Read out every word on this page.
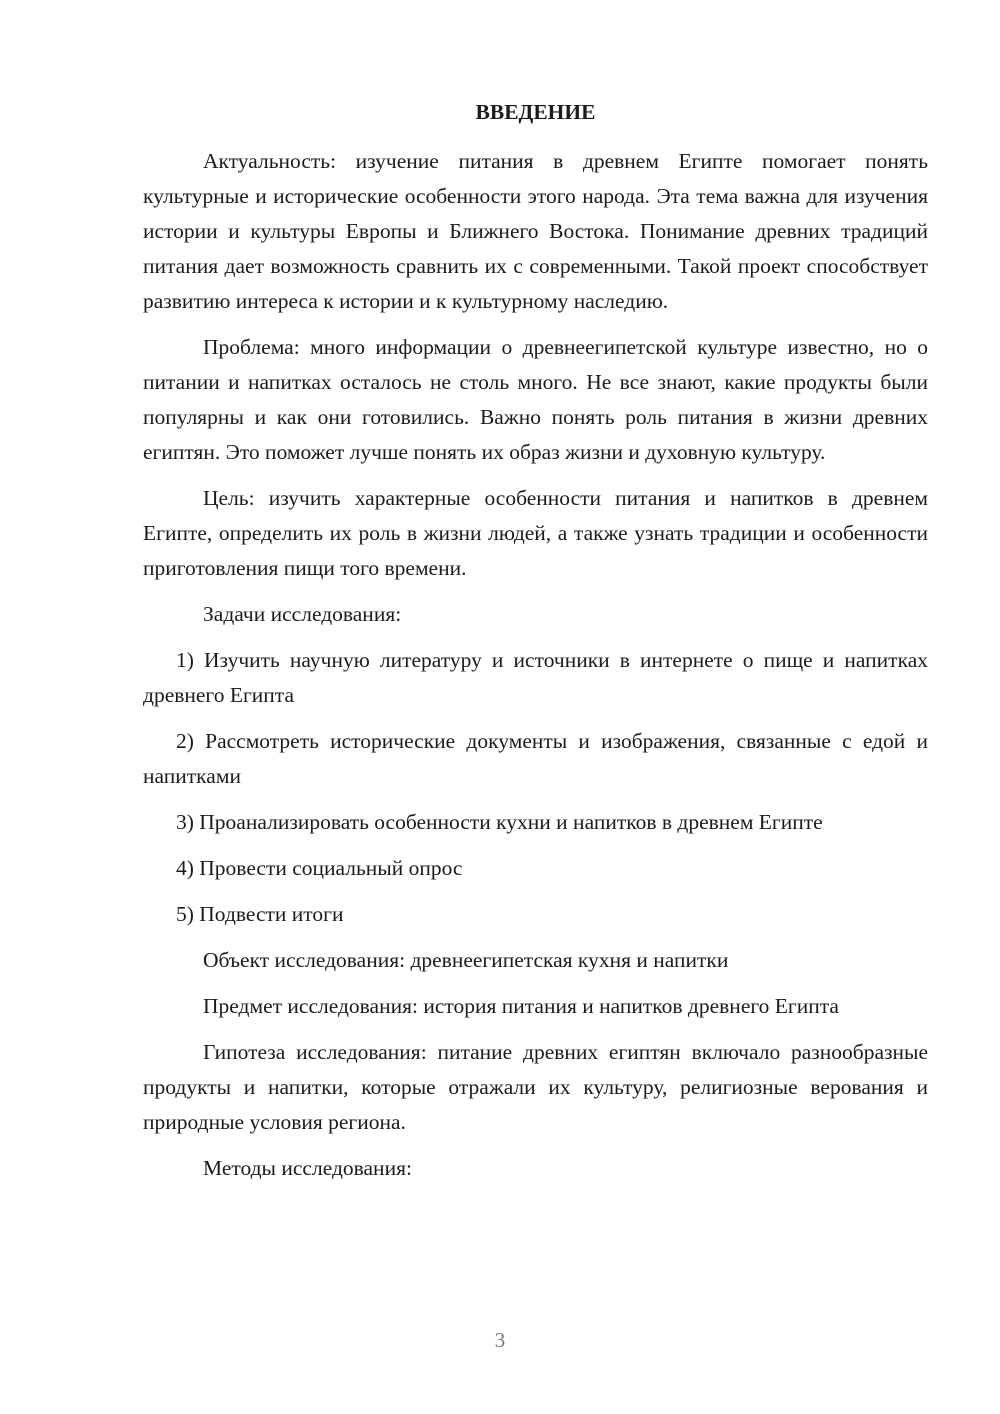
ВВЕДЕНИЕ

Актуальность: изучение питания в древнем Египте помогает понять культурные и исторические особенности этого народа. Эта тема важна для изучения истории и культуры Европы и Ближнего Востока. Понимание древних традиций питания дает возможность сравнить их с современными. Такой проект способствует развитию интереса к истории и к культурному наследию.

Проблема: много информации о древнеегипетской культуре известно, но о питании и напитках осталось не столь много. Не все знают, какие продукты были популярны и как они готовились. Важно понять роль питания в жизни древних египтян. Это поможет лучше понять их образ жизни и духовную культуру.

Цель: изучить характерные особенности питания и напитков в древнем Египте, определить их роль в жизни людей, а также узнать традиции и особенности приготовления пищи того времени.

Задачи исследования:

1) Изучить научную литературу и источники в интернете о пище и напитках древнего Египта

2) Рассмотреть исторические документы и изображения, связанные с едой и напитками

3) Проанализировать особенности кухни и напитков в древнем Египте

4) Провести социальный опрос

5) Подвести итоги

Объект исследования: древнеегипетская кухня и напитки

Предмет исследования: история питания и напитков древнего Египта

Гипотеза исследования: питание древних египтян включало разнообразные продукты и напитки, которые отражали их культуру, религиозные верования и природные условия региона.

Методы исследования:

3
